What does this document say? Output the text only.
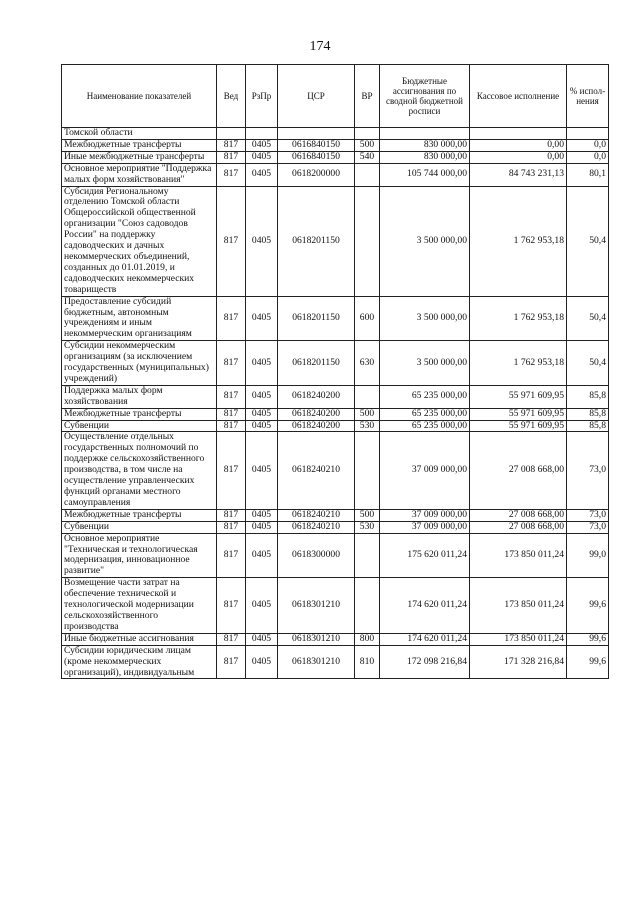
174
Наименование показателей	Вед	РзПр	ЦСР	ВР	Бюджетные ассигнования по сводной бюджетной росписи	Кассовое исполнение	% испол-нения
Томской области							
Межбюджетные трансферты	817	0405	0616840150	500	830 000,00	0,00	0,0
Иные межбюджетные трансферты	817	0405	0616840150	540	830 000,00	0,00	0,0
Основное мероприятие "Поддержка малых форм хозяйствования"	817	0405	0618200000		105 744 000,00	84 743 231,13	80,1
Субсидия Региональному отделению Томской области Общероссийской общественной организации "Союз садоводов России" на поддержку садоводческих и дачных некоммерческих объединений, созданных до 01.01.2019, и садоводческих некоммерческих товариществ	817	0405	0618201150		3 500 000,00	1 762 953,18	50,4
Предоставление субсидий бюджетным, автономным учреждениям и иным некоммерческим организациям	817	0405	0618201150	600	3 500 000,00	1 762 953,18	50,4
Субсидии некоммерческим организациям (за исключением государственных (муниципальных) учреждений)	817	0405	0618201150	630	3 500 000,00	1 762 953,18	50,4
Поддержка малых форм хозяйствования	817	0405	0618240200		65 235 000,00	55 971 609,95	85,8
Межбюджетные трансферты	817	0405	0618240200	500	65 235 000,00	55 971 609,95	85,8
Субвенции	817	0405	0618240200	530	65 235 000,00	55 971 609,95	85,8
Осуществление отдельных государственных полномочий по поддержке сельскохозяйственного производства, в том числе на осуществление управленческих функций органами местного самоуправления	817	0405	0618240210		37 009 000,00	27 008 668,00	73,0
Межбюджетные трансферты	817	0405	0618240210	500	37 009 000,00	27 008 668,00	73,0
Субвенции	817	0405	0618240210	530	37 009 000,00	27 008 668,00	73,0
Основное мероприятие "Техническая и технологическая модернизация, инновационное развитие"	817	0405	0618300000		175 620 011,24	173 850 011,24	99,0
Возмещение части затрат на обеспечение технической и технологической модернизации сельскохозяйственного производства	817	0405	0618301210		174 620 011,24	173 850 011,24	99,6
Иные бюджетные ассигнования	817	0405	0618301210	800	174 620 011,24	173 850 011,24	99,6
Субсидии юридическим лицам (кроме некоммерческих организаций), индивидуальным	817	0405	0618301210	810	172 098 216,84	171 328 216,84	99,6
